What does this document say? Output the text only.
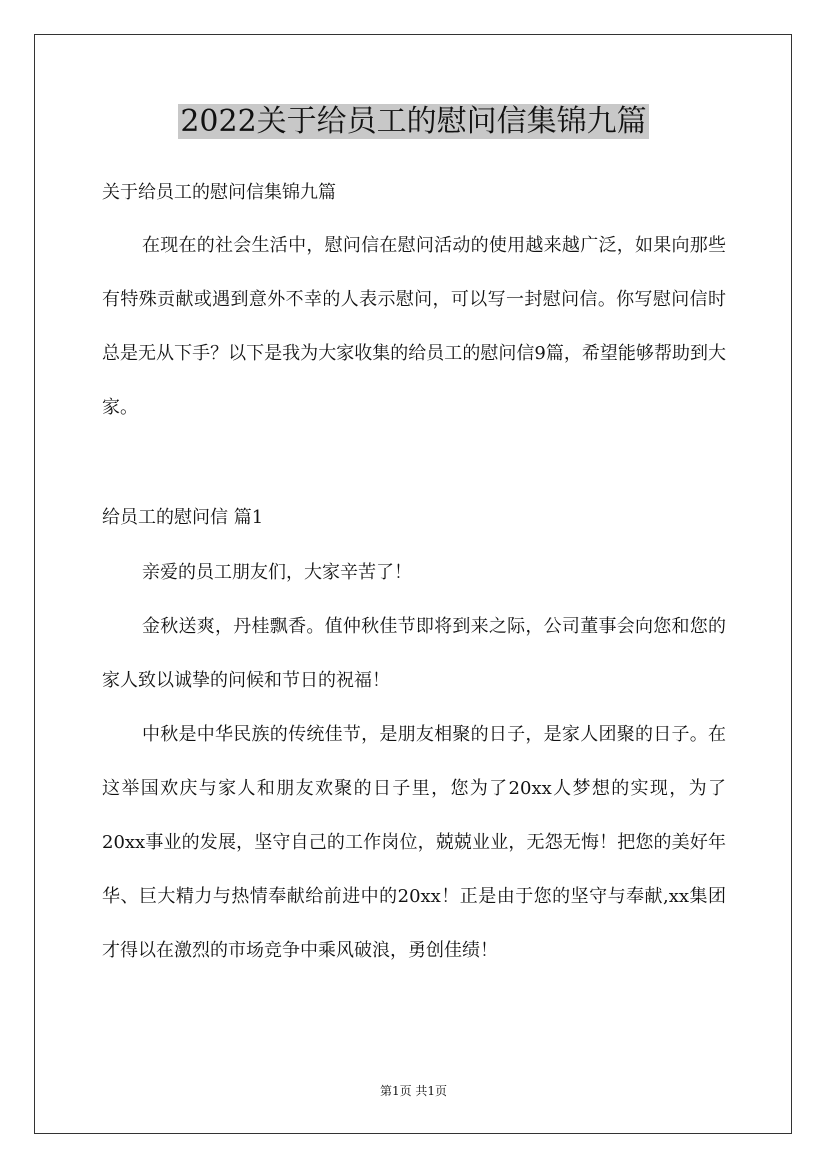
2022关于给员工的慰问信集锦九篇
关于给员工的慰问信集锦九篇

在现在的社会生活中，慰问信在慰问活动的使用越来越广泛，如果向那些有特殊贡献或遇到意外不幸的人表示慰问，可以写一封慰问信。你写慰问信时总是无从下手？以下是我为大家收集的给员工的慰问信9篇，希望能够帮助到大家。

给员工的慰问信 篇1

亲爱的员工朋友们，大家辛苦了！

金秋送爽，丹桂飘香。值仲秋佳节即将到来之际，公司董事会向您和您的家人致以诚挚的问候和节日的祝福！

中秋是中华民族的传统佳节，是朋友相聚的日子，是家人团聚的日子。在这举国欢庆与家人和朋友欢聚的日子里，您为了20xx人梦想的实现，为了20xx事业的发展，坚守自己的工作岗位，兢兢业业，无怨无悔！把您的美好年华、巨大精力与热情奉献给前进中的20xx！正是由于您的坚守与奉献,xx集团才得以在激烈的市场竞争中乘风破浪，勇创佳绩！

第1页 共1页
